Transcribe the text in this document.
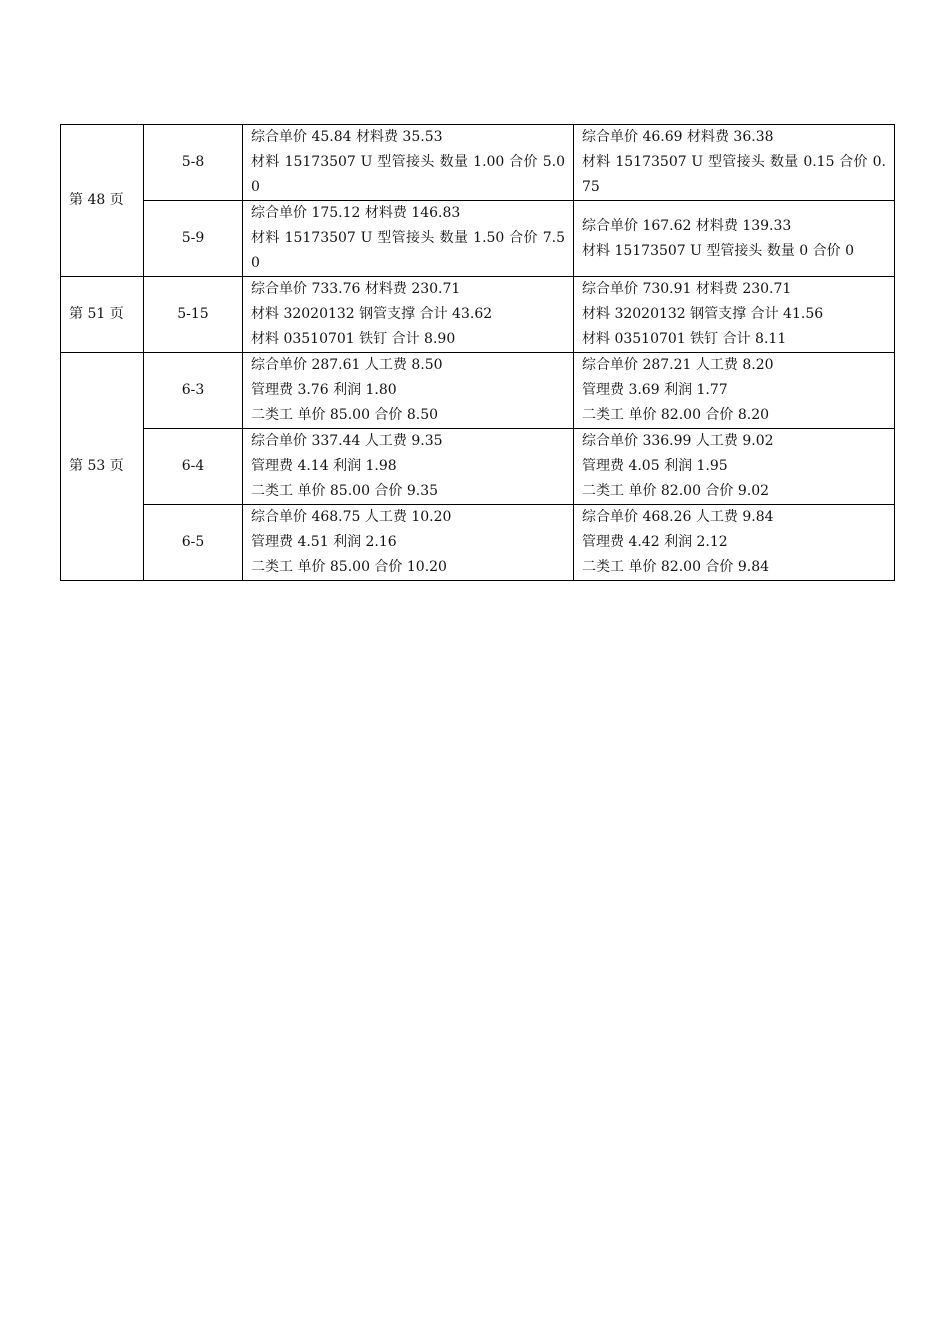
第 48 页	5-8	综合单价 45.84 材料费 35.53
材料 15173507 U 型管接头 数量 1.00 合价 5.00	综合单价 46.69 材料费 36.38
材料 15173507 U 型管接头 数量 0.15 合价 0.75

	5-9	综合单价 175.12 材料费 146.83
材料 15173507 U 型管接头 数量 1.50 合价 7.50	综合单价 167.62 材料费 139.33
材料 15173507 U 型管接头 数量 0 合价 0

第 51 页	5-15	综合单价 733.76 材料费 230.71
材料 32020132 钢管支撑 合计 43.62
材料 03510701 铁钉 合计 8.90	综合单价 730.91 材料费 230.71
材料 32020132 钢管支撑 合计 41.56
材料 03510701 铁钉 合计 8.11

第 53 页	6-3	综合单价 287.61 人工费 8.50
管理费 3.76 利润 1.80
二类工 单价 85.00 合价 8.50	综合单价 287.21 人工费 8.20
管理费 3.69 利润 1.77
二类工 单价 82.00 合价 8.20

	6-4	综合单价 337.44 人工费 9.35
管理费 4.14 利润 1.98
二类工 单价 85.00 合价 9.35	综合单价 336.99 人工费 9.02
管理费 4.05 利润 1.95
二类工 单价 82.00 合价 9.02

	6-5	综合单价 468.75 人工费 10.20
管理费 4.51 利润 2.16
二类工 单价 85.00 合价 10.20	综合单价 468.26 人工费 9.84
管理费 4.42 利润 2.12
二类工 单价 82.00 合价 9.84
